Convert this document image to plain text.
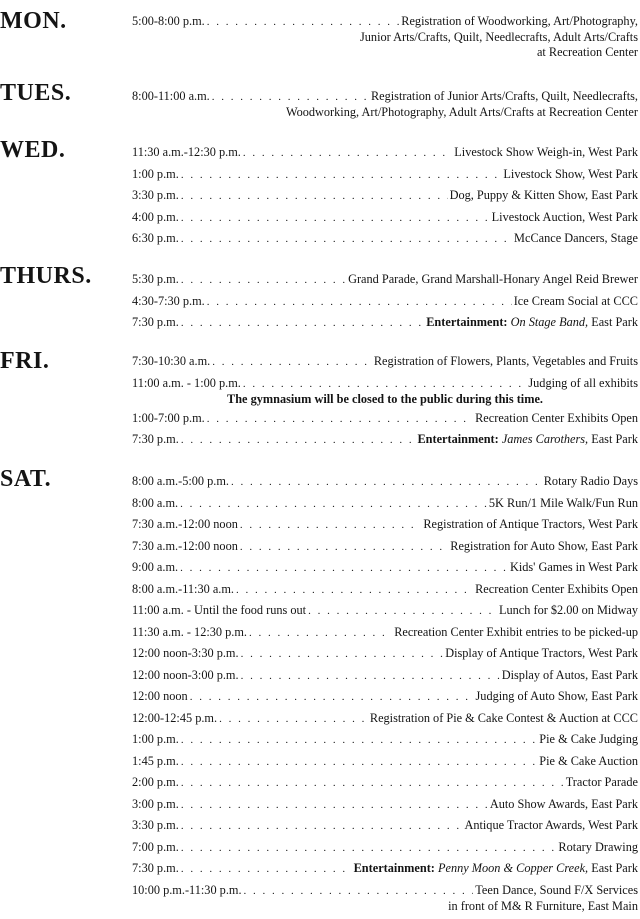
MON.	5:00-8:00 p.m. . . .	Registration of Woodworking, Art/Photography,
Junior Arts/Crafts, Quilt, Needlecrafts, Adult Arts/Crafts
at Recreation Center
TUES.	8:00-11:00 a.m. . . .	Registration of Junior Arts/Crafts, Quilt, Needlecrafts,
Woodworking, Art/Photography, Adult Arts/Crafts at Recreation Center
WED.	11:30 a.m.-12:30 p.m. . . .	Livestock Show Weigh-in, West Park
1:00 p.m. . . .	Livestock Show, West Park
3:30 p.m. . . .	Dog, Puppy & Kitten Show, East Park
4:00 p.m. . . .	Livestock Auction, West Park
6:30 p.m. . . .	McCance Dancers, Stage
THURS.	5:30 p.m. . . .	Grand Parade, Grand Marshall-Honary Angel Reid Brewer
4:30-7:30 p.m. . . .	Ice Cream Social at CCC
7:30 p.m. . . .	Entertainment: On Stage Band, East Park
FRI.	7:30-10:30 a.m. . . .	Registration of Flowers, Plants, Vegetables and Fruits
11:00 a.m. - 1:00 p.m. . . .	Judging of all exhibits
The gymnasium will be closed to the public during this time.
1:00-7:00 p.m. . . .	Recreation Center Exhibits Open
7:30 p.m. . . .	Entertainment: James Carothers, East Park
SAT.	8:00 a.m.-5:00 p.m. . . .	Rotary Radio Days
8:00 a.m. . . .	5K Run/1 Mile Walk/Fun Run
7:30 a.m.-12:00 noon . . .	Registration of Antique Tractors, West Park
7:30 a.m.-12:00 noon . . .	Registration for Auto Show, East Park
9:00 a.m. . . .	Kids' Games in West Park
8:00 a.m.-11:30 a.m. . . .	Recreation Center Exhibits Open
11:00 a.m. - Until the food runs out . . .	Lunch for $2.00 on Midway
11:30 a.m. - 12:30 p.m. . . .	Recreation Center Exhibit entries to be picked-up
12:00 noon-3:30 p.m. . . .	Display of Antique Tractors, West Park
12:00 noon-3:00 p.m. . . .	Display of Autos, East Park
12:00 noon . . .	Judging of Auto Show, East Park
12:00-12:45 p.m. . . .	Registration of Pie & Cake Contest & Auction at CCC
1:00 p.m. . . .	Pie & Cake Judging
1:45 p.m. . . .	Pie & Cake Auction
2:00 p.m. . . .	Tractor Parade
3:00 p.m. . . .	Auto Show Awards, East Park
3:30 p.m. . . .	Antique Tractor Awards, West Park
7:00 p.m. . . .	Rotary Drawing
7:30 p.m. . . .	Entertainment: Penny Moon & Copper Creek, East Park
10:00 p.m.-11:30 p.m. . . .	Teen Dance, Sound F/X Services
in front of M& R Furniture, East Main
